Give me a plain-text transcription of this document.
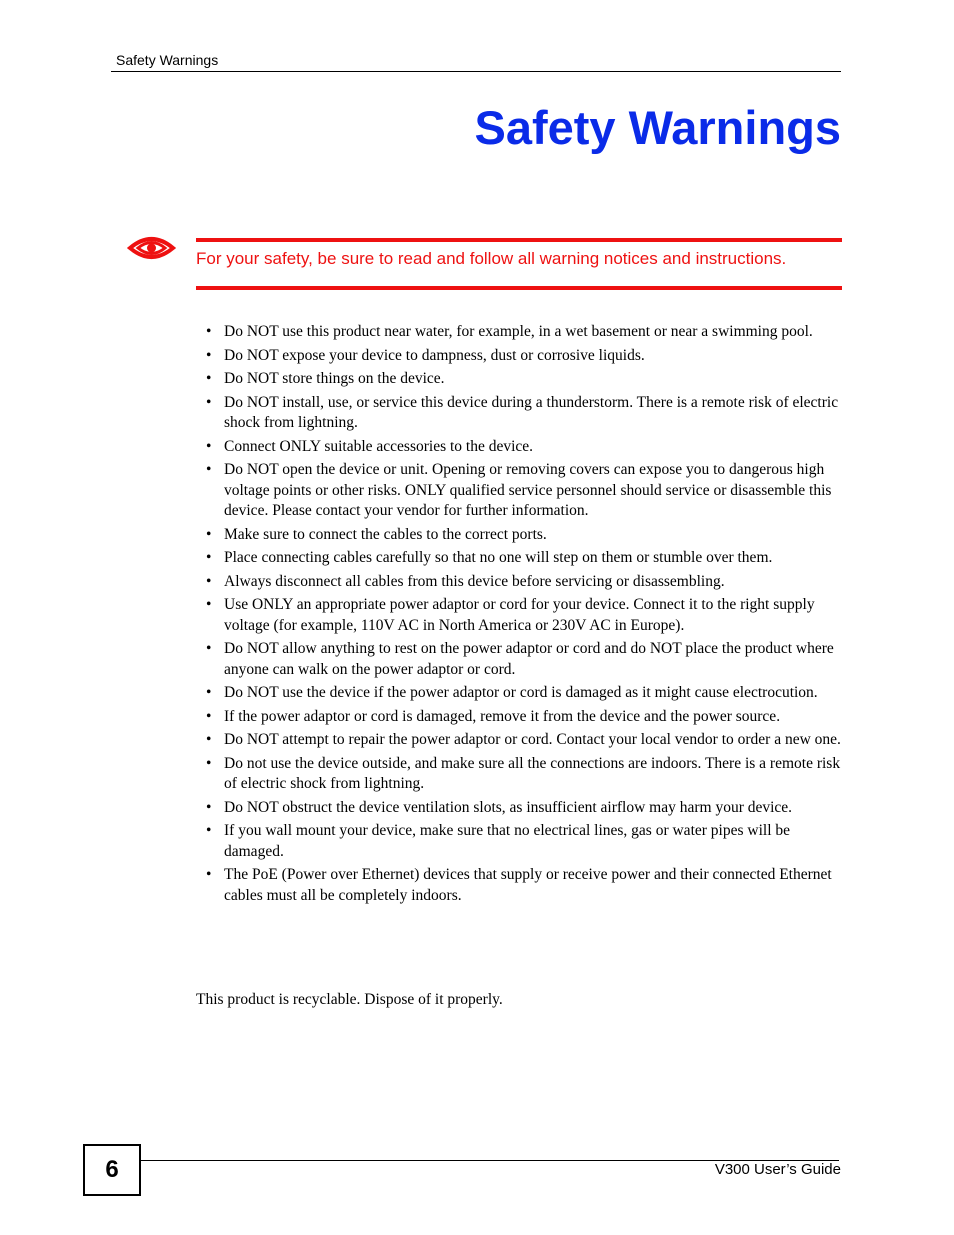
Safety Warnings
Safety Warnings
For your safety, be sure to read and follow all warning notices and instructions.
• Do NOT use this product near water, for example, in a wet basement or near a swimming pool.
• Do NOT expose your device to dampness, dust or corrosive liquids.
• Do NOT store things on the device.
• Do NOT install, use, or service this device during a thunderstorm. There is a remote risk of electric shock from lightning.
• Connect ONLY suitable accessories to the device.
• Do NOT open the device or unit. Opening or removing covers can expose you to dangerous high voltage points or other risks. ONLY qualified service personnel should service or disassemble this device. Please contact your vendor for further information.
• Make sure to connect the cables to the correct ports.
• Place connecting cables carefully so that no one will step on them or stumble over them.
• Always disconnect all cables from this device before servicing or disassembling.
• Use ONLY an appropriate power adaptor or cord for your device. Connect it to the right supply voltage (for example, 110V AC in North America or 230V AC in Europe).
• Do NOT allow anything to rest on the power adaptor or cord and do NOT place the product where anyone can walk on the power adaptor or cord.
• Do NOT use the device if the power adaptor or cord is damaged as it might cause electrocution.
• If the power adaptor or cord is damaged, remove it from the device and the power source.
• Do NOT attempt to repair the power adaptor or cord. Contact your local vendor to order a new one.
• Do not use the device outside, and make sure all the connections are indoors. There is a remote risk of electric shock from lightning.
• Do NOT obstruct the device ventilation slots, as insufficient airflow may harm your device.
• If you wall mount your device, make sure that no electrical lines, gas or water pipes will be damaged.
• The PoE (Power over Ethernet) devices that supply or receive power and their connected Ethernet cables must all be completely indoors.
This product is recyclable. Dispose of it properly.
6	V300 User’s Guide
